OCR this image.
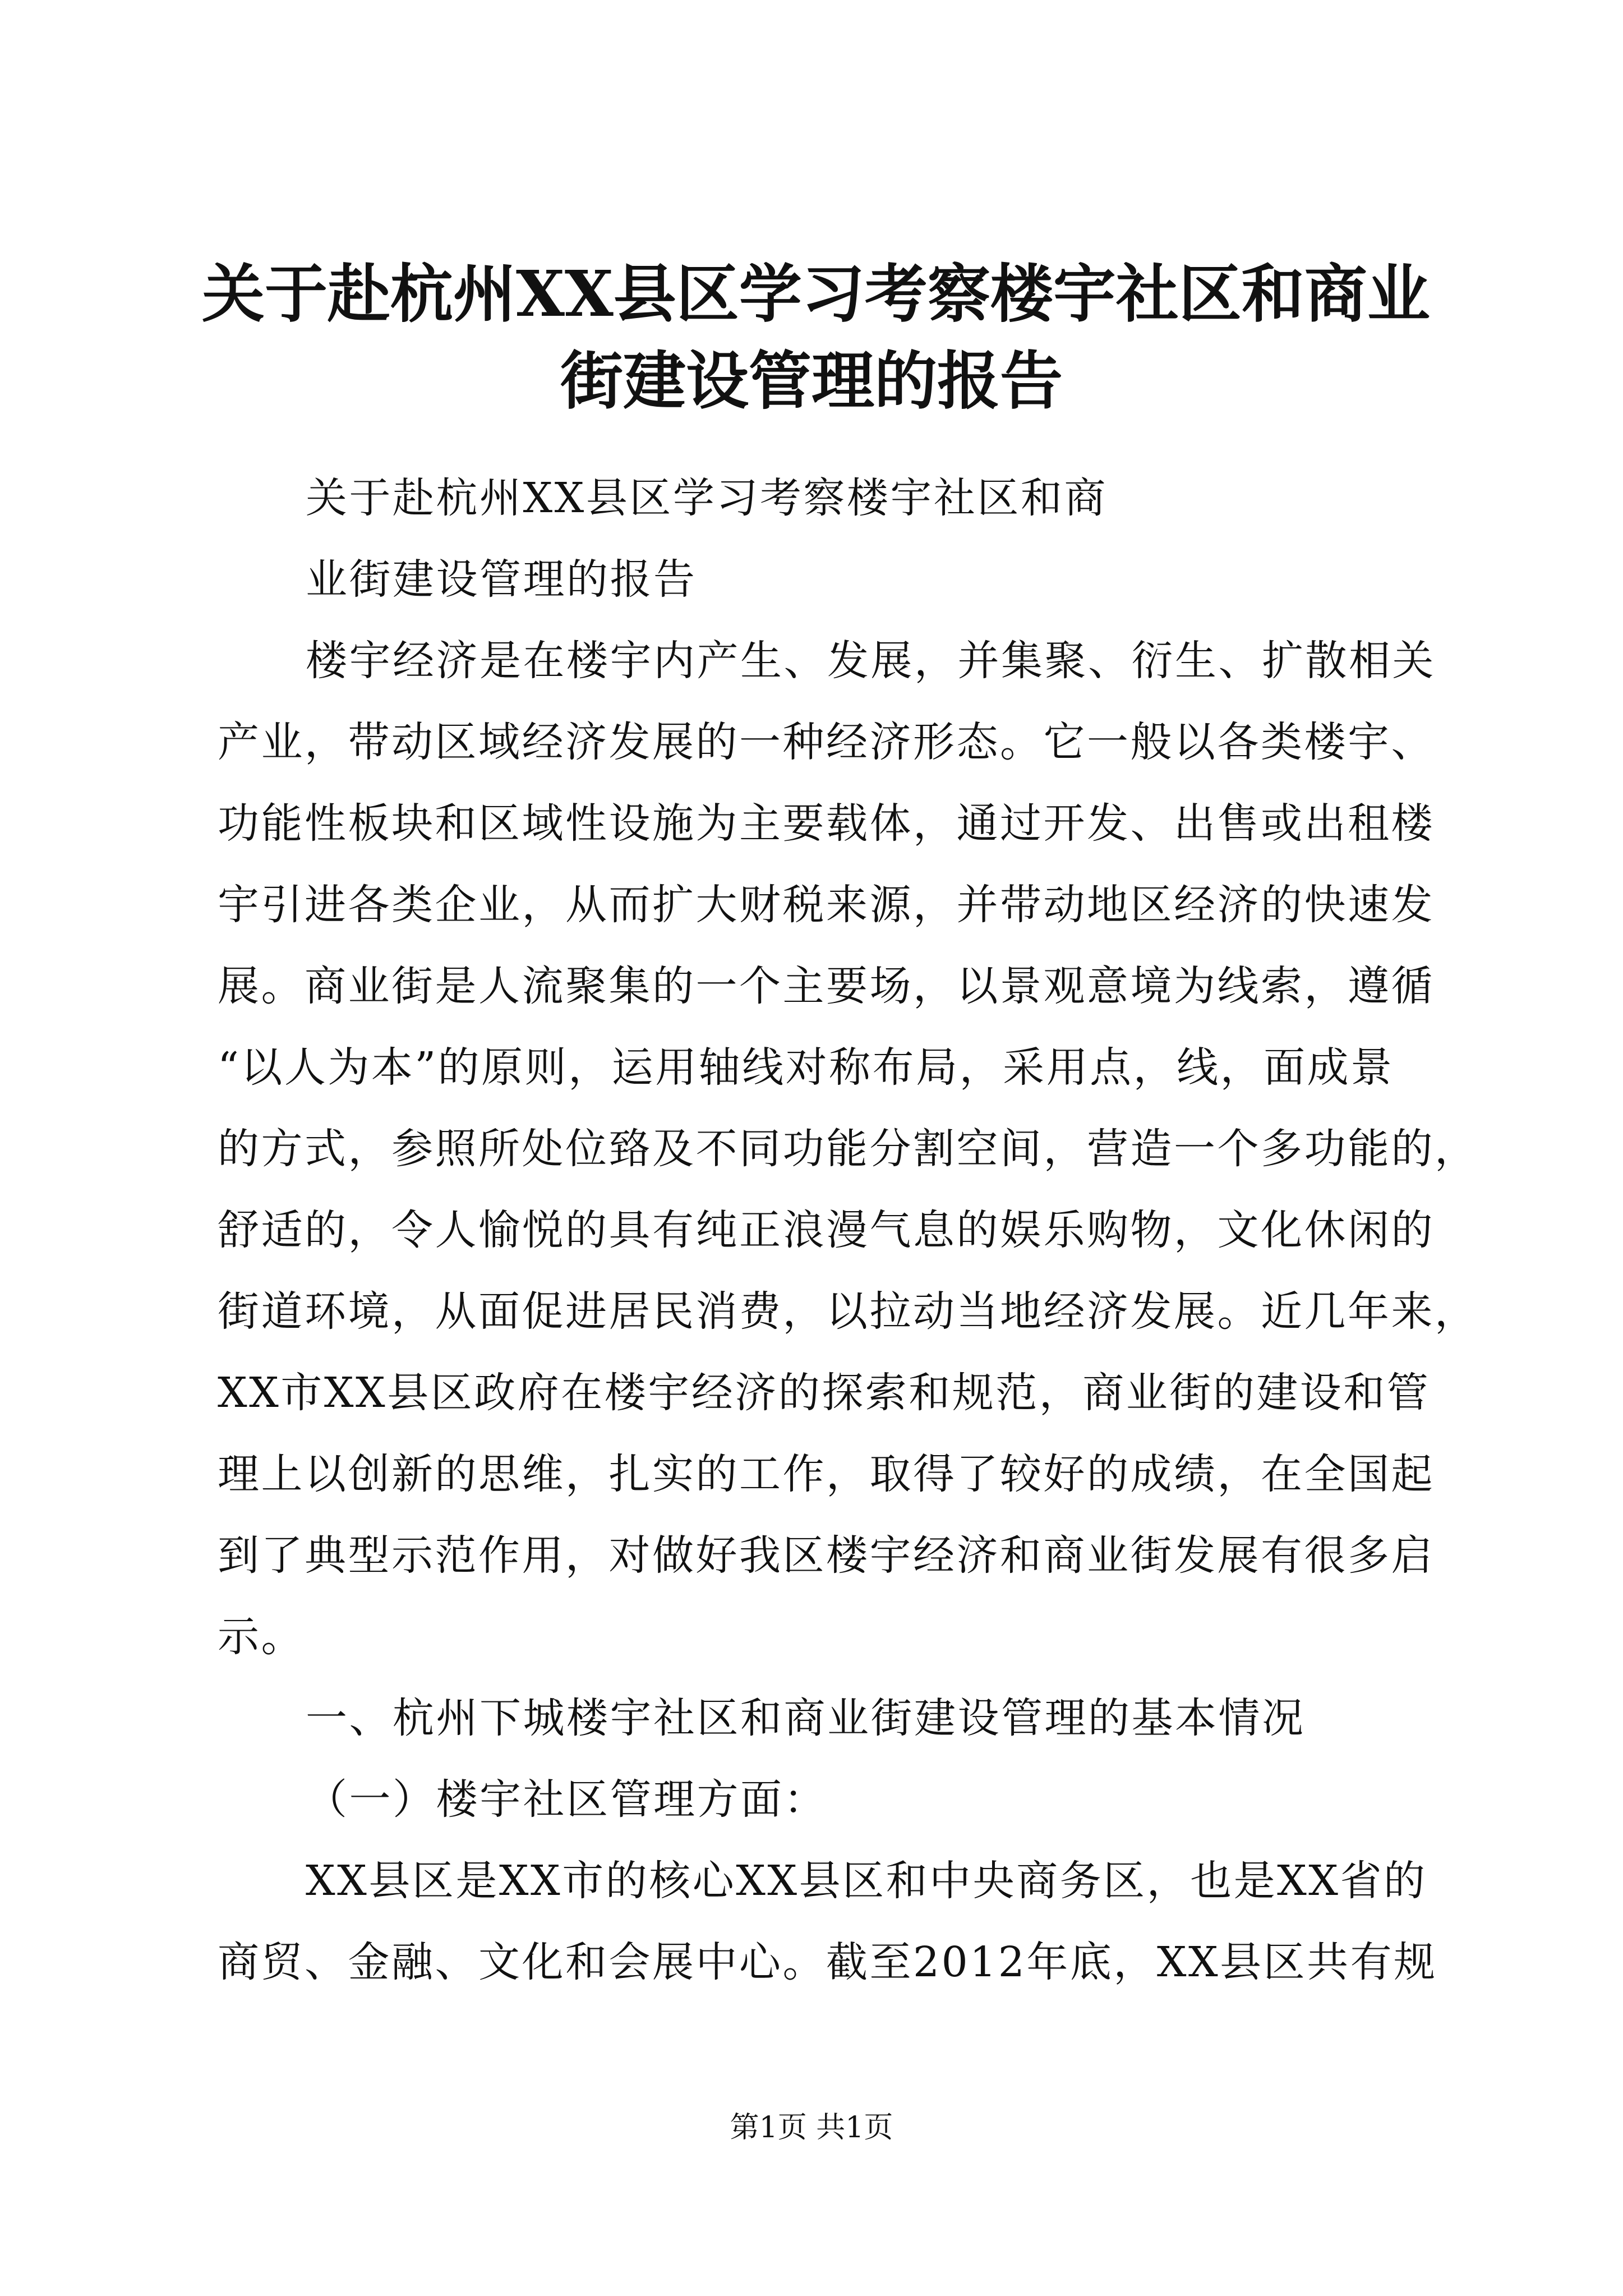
关于赴杭州XX县区学习考察楼宇社区和商业
街建设管理的报告

关于赴杭州XX县区学习考察楼宇社区和商

业街建设管理的报告

楼宇经济是在楼宇内产生、发展，并集聚、衍生、扩散相关

产业，带动区域经济发展的一种经济形态。它一般以各类楼宇、

功能性板块和区域性设施为主要载体，通过开发、出售或出租楼

宇引进各类企业，从而扩大财税来源，并带动地区经济的快速发

展。商业街是人流聚集的一个主要场，以景观意境为线索，遵循

“以人为本”的原则，运用轴线对称布局，采用点，线，面成景

的方式，参照所处位臵及不同功能分割空间，营造一个多功能的，

舒适的，令人愉悦的具有纯正浪漫气息的娱乐购物，文化休闲的

街道环境，从面促进居民消费，以拉动当地经济发展。近几年来，

XX市XX县区政府在楼宇经济的探索和规范，商业街的建设和管

理上以创新的思维，扎实的工作，取得了较好的成绩，在全国起

到了典型示范作用，对做好我区楼宇经济和商业街发展有很多启

示。

一、杭州下城楼宇社区和商业街建设管理的基本情况

（一）楼宇社区管理方面：

XX县区是XX市的核心XX县区和中央商务区，也是XX省的

商贸、金融、文化和会展中心。截至2012年底，XX县区共有规

第1页 共1页
